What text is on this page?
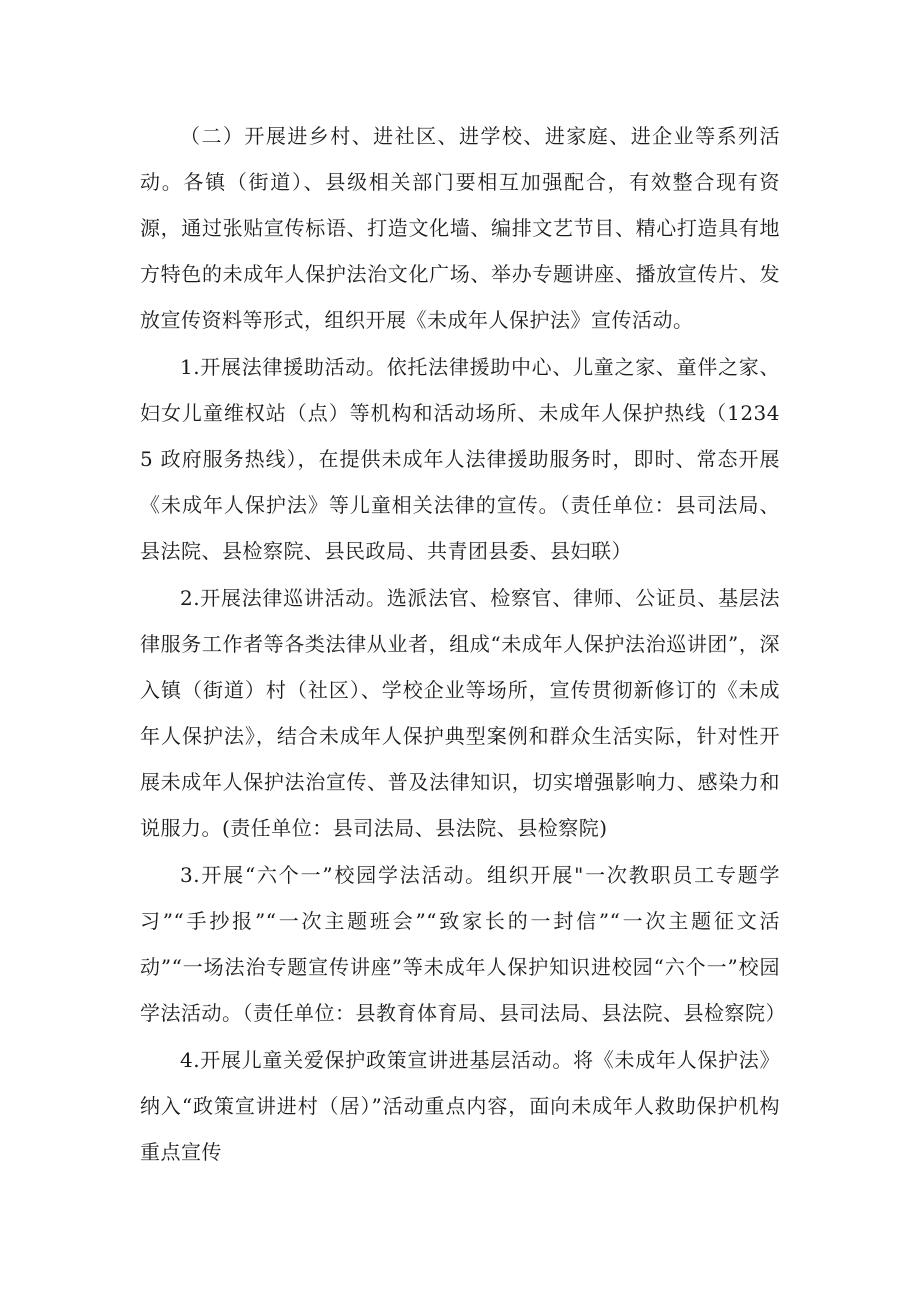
（二）开展进乡村、进社区、进学校、进家庭、进企业等系列活动。各镇（街道）、县级相关部门要相互加强配合，有效整合现有资源，通过张贴宣传标语、打造文化墙、编排文艺节目、精心打造具有地方特色的未成年人保护法治文化广场、举办专题讲座、播放宣传片、发放宣传资料等形式，组织开展《未成年人保护法》宣传活动。

1.开展法律援助活动。依托法律援助中心、儿童之家、童伴之家、妇女儿童维权站（点）等机构和活动场所、未成年人保护热线（12345 政府服务热线），在提供未成年人法律援助服务时，即时、常态开展《未成年人保护法》等儿童相关法律的宣传。（责任单位：县司法局、县法院、县检察院、县民政局、共青团县委、县妇联）

2.开展法律巡讲活动。选派法官、检察官、律师、公证员、基层法律服务工作者等各类法律从业者，组成“未成年人保护法治巡讲团”，深入镇（街道）村（社区）、学校企业等场所，宣传贯彻新修订的《未成年人保护法》，结合未成年人保护典型案例和群众生活实际，针对性开展未成年人保护法治宣传、普及法律知识，切实增强影响力、感染力和说服力。(责任单位：县司法局、县法院、县检察院)

3.开展“六个一”校园学法活动。组织开展"一次教职员工专题学习”“手抄报”“一次主题班会”“致家长的一封信”“一次主题征文活动”“一场法治专题宣传讲座”等未成年人保护知识进校园“六个一”校园学法活动。（责任单位：县教育体育局、县司法局、县法院、县检察院）

4.开展儿童关爱保护政策宣讲进基层活动。将《未成年人保护法》纳入“政策宣讲进村（居）”活动重点内容，面向未成年人救助保护机构重点宣传
